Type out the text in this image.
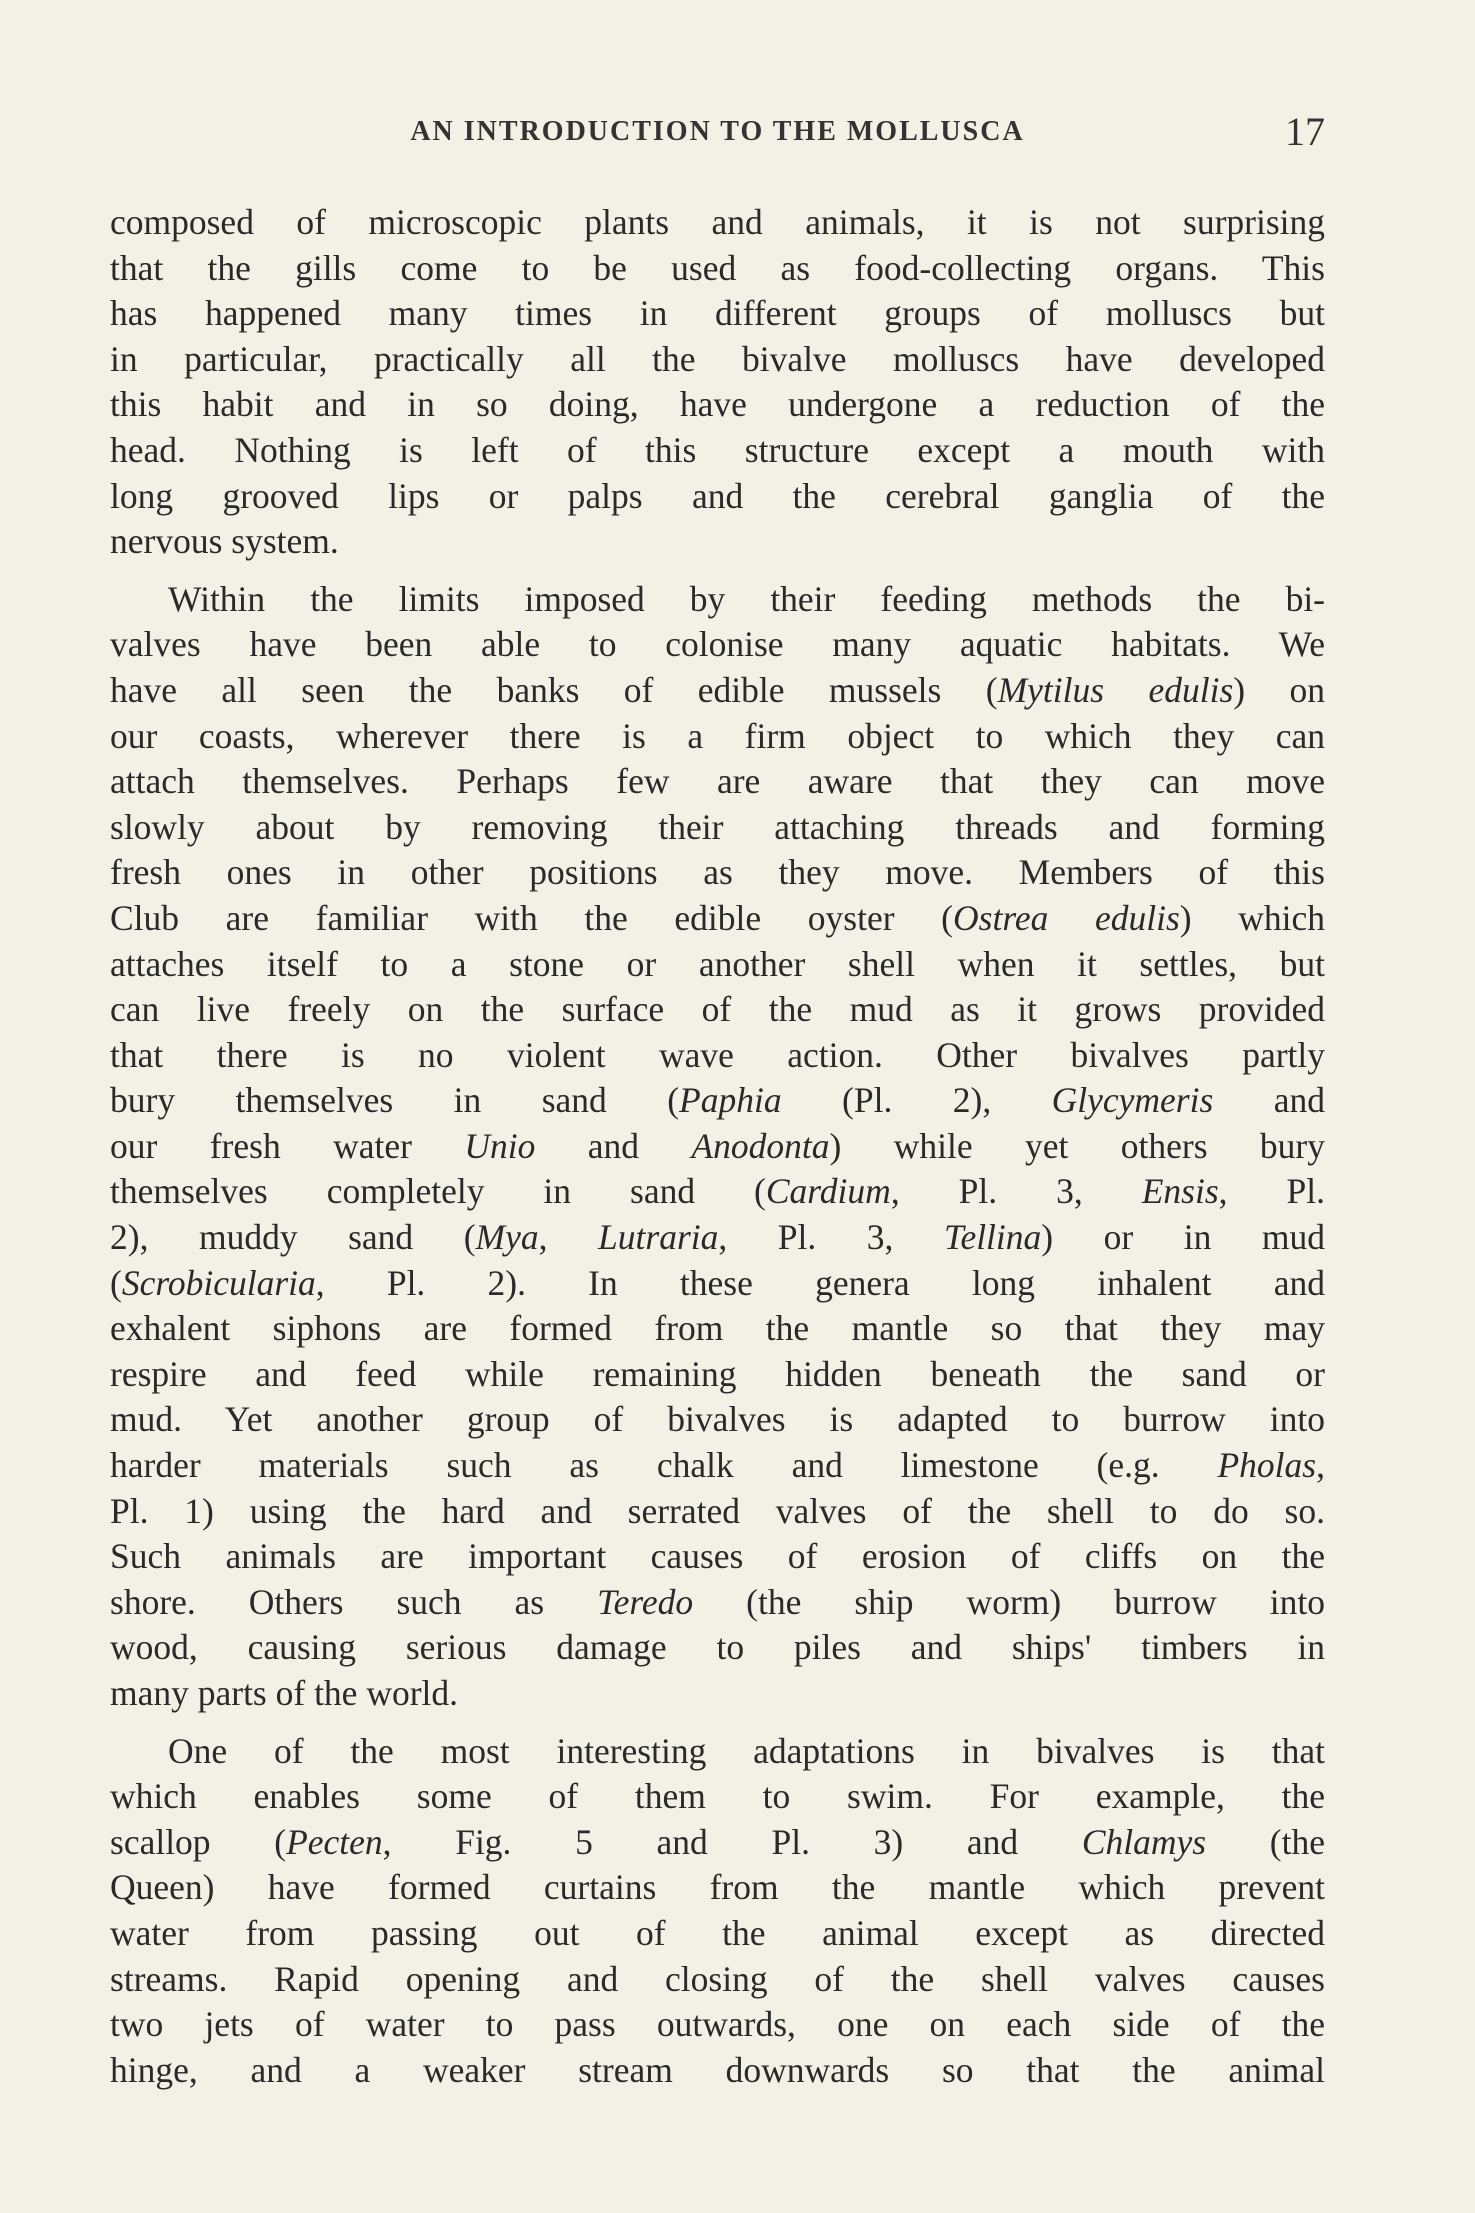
AN INTRODUCTION TO THE MOLLUSCA	17
composed of microscopic plants and animals, it is not surprising
that the gills come to be used as food-collecting organs. This
has happened many times in different groups of molluscs but
in particular, practically all the bivalve molluscs have developed
this habit and in so doing, have undergone a reduction of the
head. Nothing is left of this structure except a mouth with
long grooved lips or palps and the cerebral ganglia of the
nervous system.
Within the limits imposed by their feeding methods the bi-
valves have been able to colonise many aquatic habitats. We
have all seen the banks of edible mussels (Mytilus edulis) on
our coasts, wherever there is a firm object to which they can
attach themselves. Perhaps few are aware that they can move
slowly about by removing their attaching threads and forming
fresh ones in other positions as they move. Members of this
Club are familiar with the edible oyster (Ostrea edulis) which
attaches itself to a stone or another shell when it settles, but
can live freely on the surface of the mud as it grows provided
that there is no violent wave action. Other bivalves partly
bury themselves in sand (Paphia (Pl. 2), Glycymeris and
our fresh water Unio and Anodonta) while yet others bury
themselves completely in sand (Cardium, Pl. 3, Ensis, Pl.
2), muddy sand (Mya, Lutraria, Pl. 3, Tellina) or in mud
(Scrobicularia, Pl. 2). In these genera long inhalent and
exhalent siphons are formed from the mantle so that they may
respire and feed while remaining hidden beneath the sand or
mud. Yet another group of bivalves is adapted to burrow into
harder materials such as chalk and limestone (e.g. Pholas,
Pl. 1) using the hard and serrated valves of the shell to do so.
Such animals are important causes of erosion of cliffs on the
shore. Others such as Teredo (the ship worm) burrow into
wood, causing serious damage to piles and ships' timbers in
many parts of the world.
One of the most interesting adaptations in bivalves is that
which enables some of them to swim. For example, the
scallop (Pecten, Fig. 5 and Pl. 3) and Chlamys (the
Queen) have formed curtains from the mantle which prevent
water from passing out of the animal except as directed
streams. Rapid opening and closing of the shell valves causes
two jets of water to pass outwards, one on each side of the
hinge, and a weaker stream downwards so that the animal
